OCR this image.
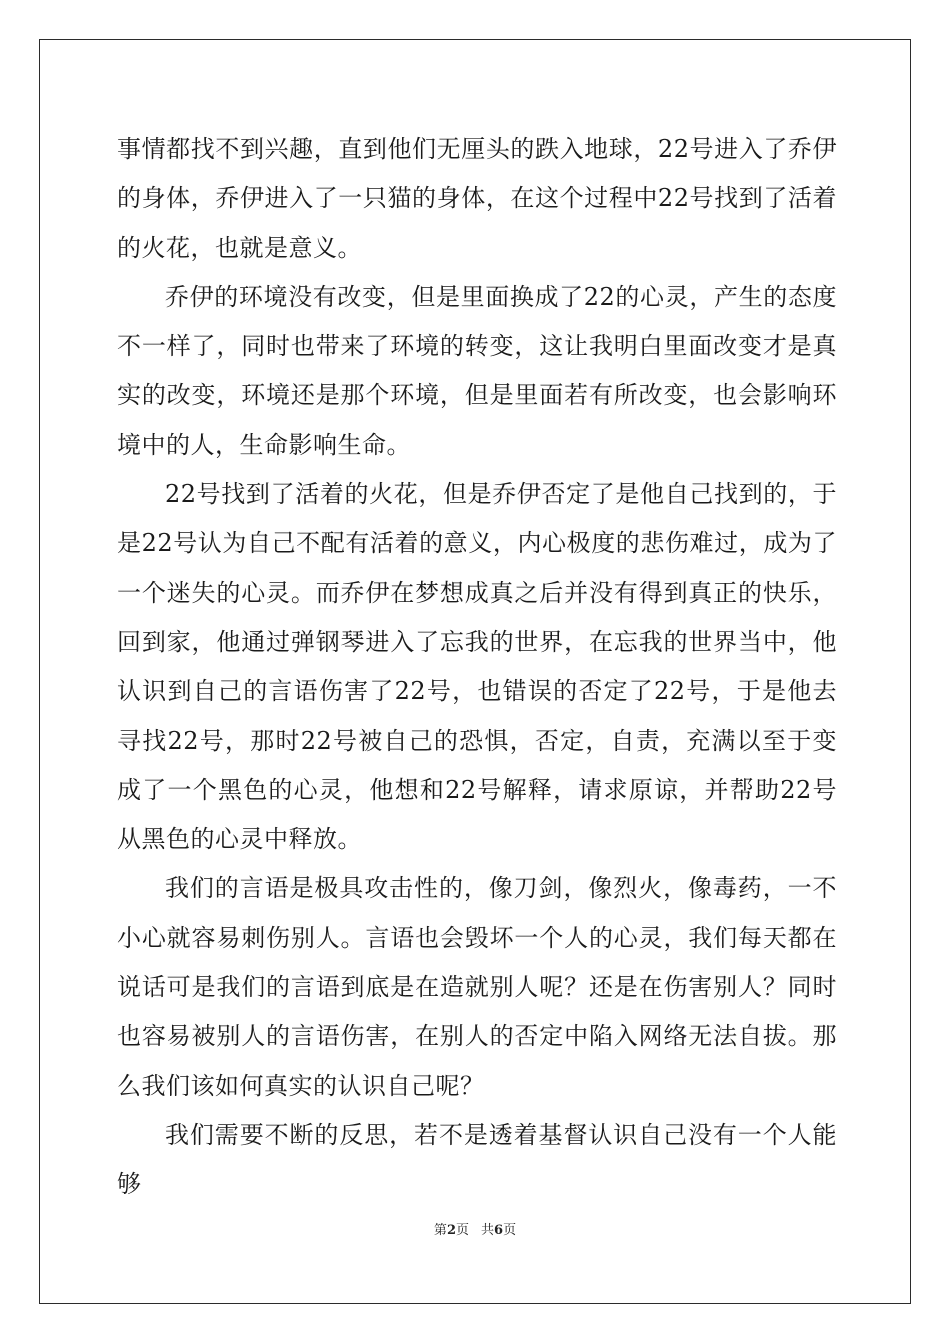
事情都找不到兴趣，直到他们无厘头的跌入地球，22号进入了乔伊的身体，乔伊进入了一只猫的身体，在这个过程中22号找到了活着的火花，也就是意义。

乔伊的环境没有改变，但是里面换成了22的心灵，产生的态度不一样了，同时也带来了环境的转变，这让我明白里面改变才是真实的改变，环境还是那个环境，但是里面若有所改变，也会影响环境中的人，生命影响生命。

22号找到了活着的火花，但是乔伊否定了是他自己找到的，于是22号认为自己不配有活着的意义，内心极度的悲伤难过，成为了一个迷失的心灵。而乔伊在梦想成真之后并没有得到真正的快乐，回到家，他通过弹钢琴进入了忘我的世界，在忘我的世界当中，他认识到自己的言语伤害了22号，也错误的否定了22号，于是他去寻找22号，那时22号被自己的恐惧，否定，自责，充满以至于变成了一个黑色的心灵，他想和22号解释，请求原谅，并帮助22号从黑色的心灵中释放。

我们的言语是极具攻击性的，像刀剑，像烈火，像毒药，一不小心就容易刺伤别人。言语也会毁坏一个人的心灵，我们每天都在说话可是我们的言语到底是在造就别人呢？还是在伤害别人？同时也容易被别人的言语伤害，在别人的否定中陷入网络无法自拔。那么我们该如何真实的认识自己呢？

我们需要不断的反思，若不是透着基督认识自己没有一个人能够

第2页 共6页
